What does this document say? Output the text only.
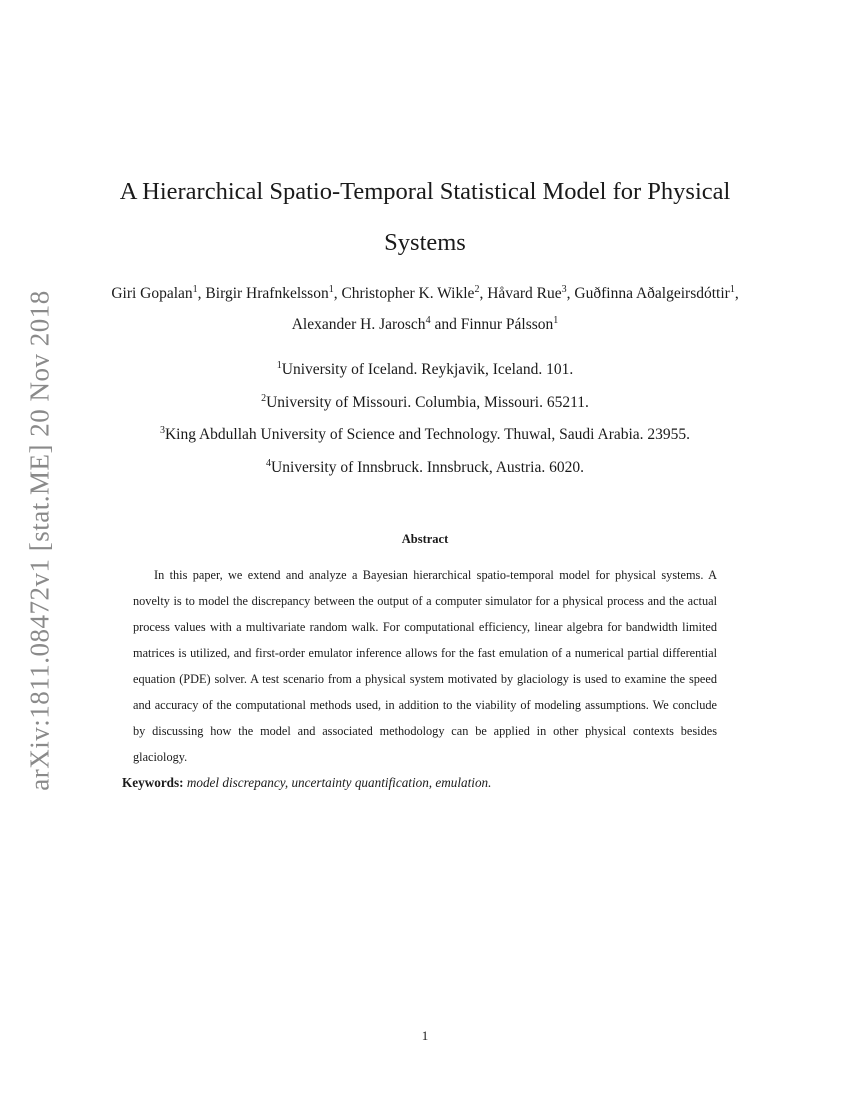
arXiv:1811.08472v1 [stat.ME] 20 Nov 2018
A Hierarchical Spatio-Temporal Statistical Model for Physical Systems
Giri Gopalan$^1$, Birgir Hrafnkelsson$^1$, Christopher K. Wikle$^2$, Håvard Rue$^3$, Guðfinna Aðalgeirsdóttir$^1$, Alexander H. Jarosch$^4$ and Finnur Pálsson$^1$
$^1$University of Iceland. Reykjavik, Iceland. 101.
$^2$University of Missouri. Columbia, Missouri. 65211.
$^3$King Abdullah University of Science and Technology. Thuwal, Saudi Arabia. 23955.
$^4$University of Innsbruck. Innsbruck, Austria. 6020.
Abstract

In this paper, we extend and analyze a Bayesian hierarchical spatio-temporal model for physical systems. A novelty is to model the discrepancy between the output of a computer simulator for a physical process and the actual process values with a multivariate random walk. For computational efficiency, linear algebra for bandwidth limited matrices is utilized, and first-order emulator inference allows for the fast emulation of a numerical partial differential equation (PDE) solver. A test scenario from a physical system motivated by glaciology is used to examine the speed and accuracy of the computational methods used, in addition to the viability of modeling assumptions. We conclude by discussing how the model and associated methodology can be applied in other physical contexts besides glaciology.

Keywords: model discrepancy, uncertainty quantification, emulation.
1
